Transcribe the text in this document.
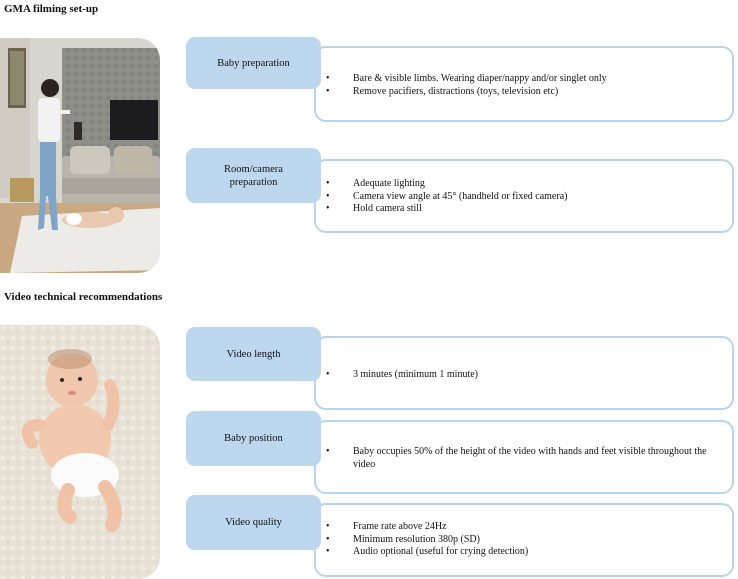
GMA filming set-up
Video technical recommendations
• Bare & visible limbs. Wearing diaper/nappy and/or singlet only
• Remove pacifiers, distractions (toys, television etc)
Baby preparation
• Adequate lighting
• Camera view angle at 45° (handheld or fixed camera)
• Hold camera still
Room/camera preparation
• 3 minutes (minimum 1 minute)
Video length
• Baby occupies 50% of the height of the video with hands and feet visible throughout the video
Baby position
• Frame rate above 24Hz
• Minimum resolution 380p (SD)
• Audio optional (useful for crying detection)
Video quality
